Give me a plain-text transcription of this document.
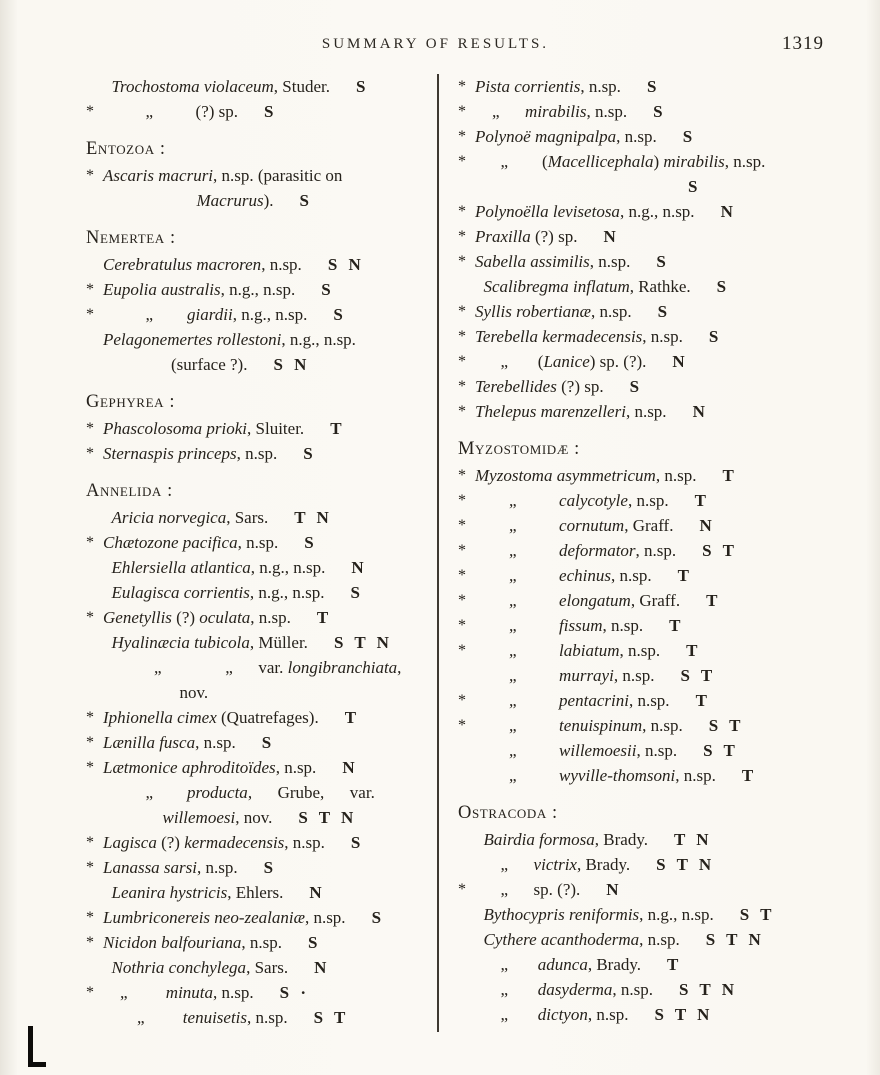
SUMMARY OF RESULTS.	1319
Trochostoma violaceum, Studer. S
*	„          (?) sp. S
Entozoa :
* Ascaris macruri, n.sp. (parasitic on
Macrurus). S
Nemertea :
Cerebratulus macroren, n.sp. S N
* Eupolia australis, n.g., n.sp. S
*	„        giardii, n.g., n.sp. S
Pelagonemertes rollestoni, n.g., n.sp.
(surface ?). S N
Gephyrea :
* Phascolosoma prioki, Sluiter. T
* Sternaspis princeps, n.sp. S
Annelida :
Aricia norvegica, Sars. T N
* Chætozone pacifica, n.sp. S
Ehlersiella atlantica, n.g., n.sp. N
Eulagisca corrientis, n.g., n.sp. S
* Genetyllis (?) oculata, n.sp. T
Hyalinæcia tubicola, Müller. S T N
„               „      var. longibranchiata,
nov.
* Iphionella cimex (Quatrefages). T
* Lænilla fusca, n.sp. S
* Lætmonice aphroditoïdes, n.sp. N
„        producta,      Grube,      var.
willemoesi, nov. S T N
* Lagisca (?) kermadecensis, n.sp. S
* Lanassa sarsi, n.sp. S
Leanira hystricis, Ehlers. N
* Lumbriconereis neo-zealaniæ, n.sp. S
* Nicidon balfouriana, n.sp. S
Nothria conchylega, Sars. N
*	„         minuta, n.sp. S ·
„         tenuisetis, n.sp. S T
* Pista corrientis, n.sp. S
*	„      mirabilis, n.sp. S
* Polynoë magnipalpa, n.sp. S
*	„        (Macellicephala) mirabilis, n.sp.
S
* Polynoëlla levisetosa, n.g., n.sp. N
* Praxilla (?) sp. N
* Sabella assimilis, n.sp. S
Scalibregma inflatum, Rathke. S
* Syllis robertianæ, n.sp. S
* Terebella kermadecensis, n.sp. S
*	„       (Lanice) sp. (?). N
* Terebellides (?) sp. S
* Thelepus marenzelleri, n.sp. N
Myzostomidæ :
* Myzostoma asymmetricum, n.sp. T
*	„          calycotyle, n.sp. T
*	„          cornutum, Graff. N
*	„          deformator, n.sp. S T
*	„          echinus, n.sp. T
*	„          elongatum, Graff. T
*	„          fissum, n.sp. T
*	„          labiatum, n.sp. T
„          murrayi, n.sp. S T
*	„          pentacrini, n.sp. T
*	„          tenuispinum, n.sp. S T
„          willemoesii, n.sp. S T
„          wyville-thomsoni, n.sp. T
Ostracoda :
Bairdia formosa, Brady. T N
„      victrix, Brady. S T N
*	„      sp. (?). N
Bythocypris reniformis, n.g., n.sp. S T
Cythere acanthoderma, n.sp. S T N
„       adunca, Brady. T
„       dasyderma, n.sp. S T N
„       dictyon, n.sp. S T N
